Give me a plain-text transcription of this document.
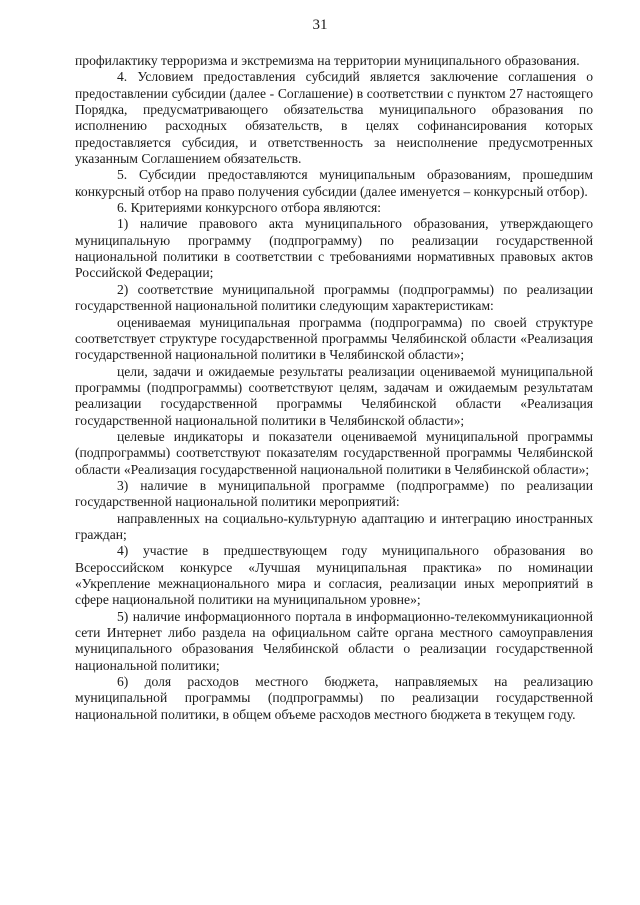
31

профилактику терроризма и экстремизма на территории муниципального образования.

4. Условием предоставления субсидий является заключение соглашения о предоставлении субсидии (далее - Соглашение) в соответствии с пунктом 27 настоящего Порядка, предусматривающего обязательства муниципального образования по исполнению расходных обязательств, в целях софинансирования которых предоставляется субсидия, и ответственность за неисполнение предусмотренных указанным Соглашением обязательств.

5. Субсидии предоставляются муниципальным образованиям, прошедшим конкурсный отбор на право получения субсидии (далее именуется – конкурсный отбор).

6. Критериями конкурсного отбора являются:

1) наличие правового акта муниципального образования, утверждающего муниципальную программу (подпрограмму) по реализации государственной национальной политики в соответствии с требованиями нормативных правовых актов Российской Федерации;

2) соответствие муниципальной программы (подпрограммы) по реализации государственной национальной политики следующим характеристикам:

оцениваемая муниципальная программа (подпрограмма) по своей структуре соответствует структуре государственной программы Челябинской области «Реализация государственной национальной политики в Челябинской области»;

цели, задачи и ожидаемые результаты реализации оцениваемой муниципальной программы (подпрограммы) соответствуют целям, задачам и ожидаемым результатам реализации государственной программы Челябинской области «Реализация государственной национальной политики в Челябинской области»;

целевые индикаторы и показатели оцениваемой муниципальной программы (подпрограммы) соответствуют показателям государственной программы Челябинской области «Реализация государственной национальной политики в Челябинской области»;

3) наличие в муниципальной программе (подпрограмме) по реализации государственной национальной политики мероприятий:

направленных на социально-культурную адаптацию и интеграцию иностранных граждан;

4) участие в предшествующем году муниципального образования во Всероссийском конкурсе «Лучшая муниципальная практика» по номинации «Укрепление межнационального мира и согласия, реализации иных мероприятий в сфере национальной политики на муниципальном уровне»;

5) наличие информационного портала в информационно-телекоммуникационной сети Интернет либо раздела на официальном сайте органа местного самоуправления муниципального образования Челябинской области о реализации государственной национальной политики;

6) доля расходов местного бюджета, направляемых на реализацию муниципальной программы (подпрограммы) по реализации государственной национальной политики, в общем объеме расходов местного бюджета в текущем году.
